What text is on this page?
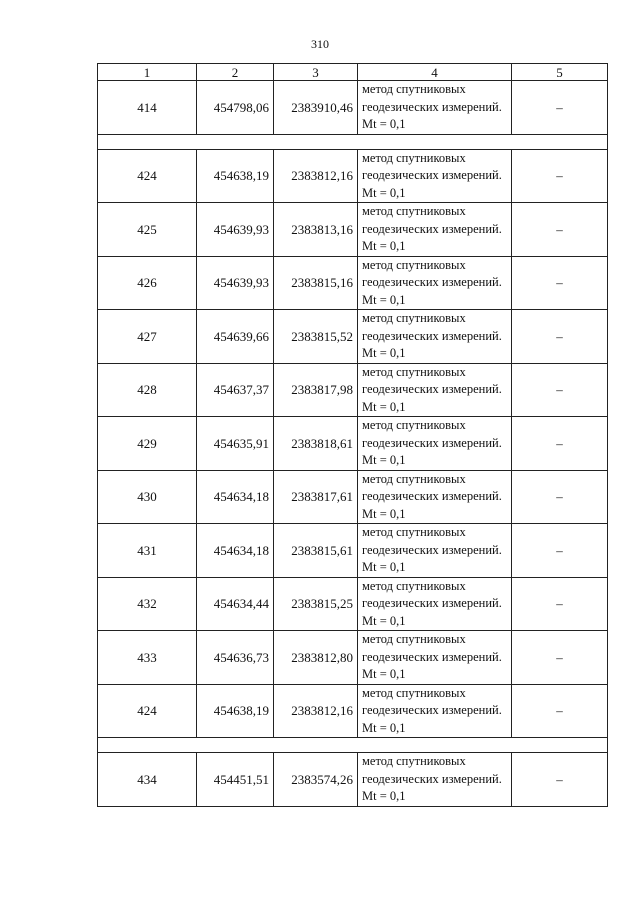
310
1	2	3	4	5
414	454798,06	2383910,46	метод спутниковых геодезических измерений. Mt = 0,1	–

424	454638,19	2383812,16	метод спутниковых геодезических измерений. Mt = 0,1	–
425	454639,93	2383813,16	метод спутниковых геодезических измерений. Mt = 0,1	–
426	454639,93	2383815,16	метод спутниковых геодезических измерений. Mt = 0,1	–
427	454639,66	2383815,52	метод спутниковых геодезических измерений. Mt = 0,1	–
428	454637,37	2383817,98	метод спутниковых геодезических измерений. Mt = 0,1	–
429	454635,91	2383818,61	метод спутниковых геодезических измерений. Mt = 0,1	–
430	454634,18	2383817,61	метод спутниковых геодезических измерений. Mt = 0,1	–
431	454634,18	2383815,61	метод спутниковых геодезических измерений. Mt = 0,1	–
432	454634,44	2383815,25	метод спутниковых геодезических измерений. Mt = 0,1	–
433	454636,73	2383812,80	метод спутниковых геодезических измерений. Mt = 0,1	–
424	454638,19	2383812,16	метод спутниковых геодезических измерений. Mt = 0,1	–

434	454451,51	2383574,26	метод спутниковых геодезических измерений. Mt = 0,1	–
